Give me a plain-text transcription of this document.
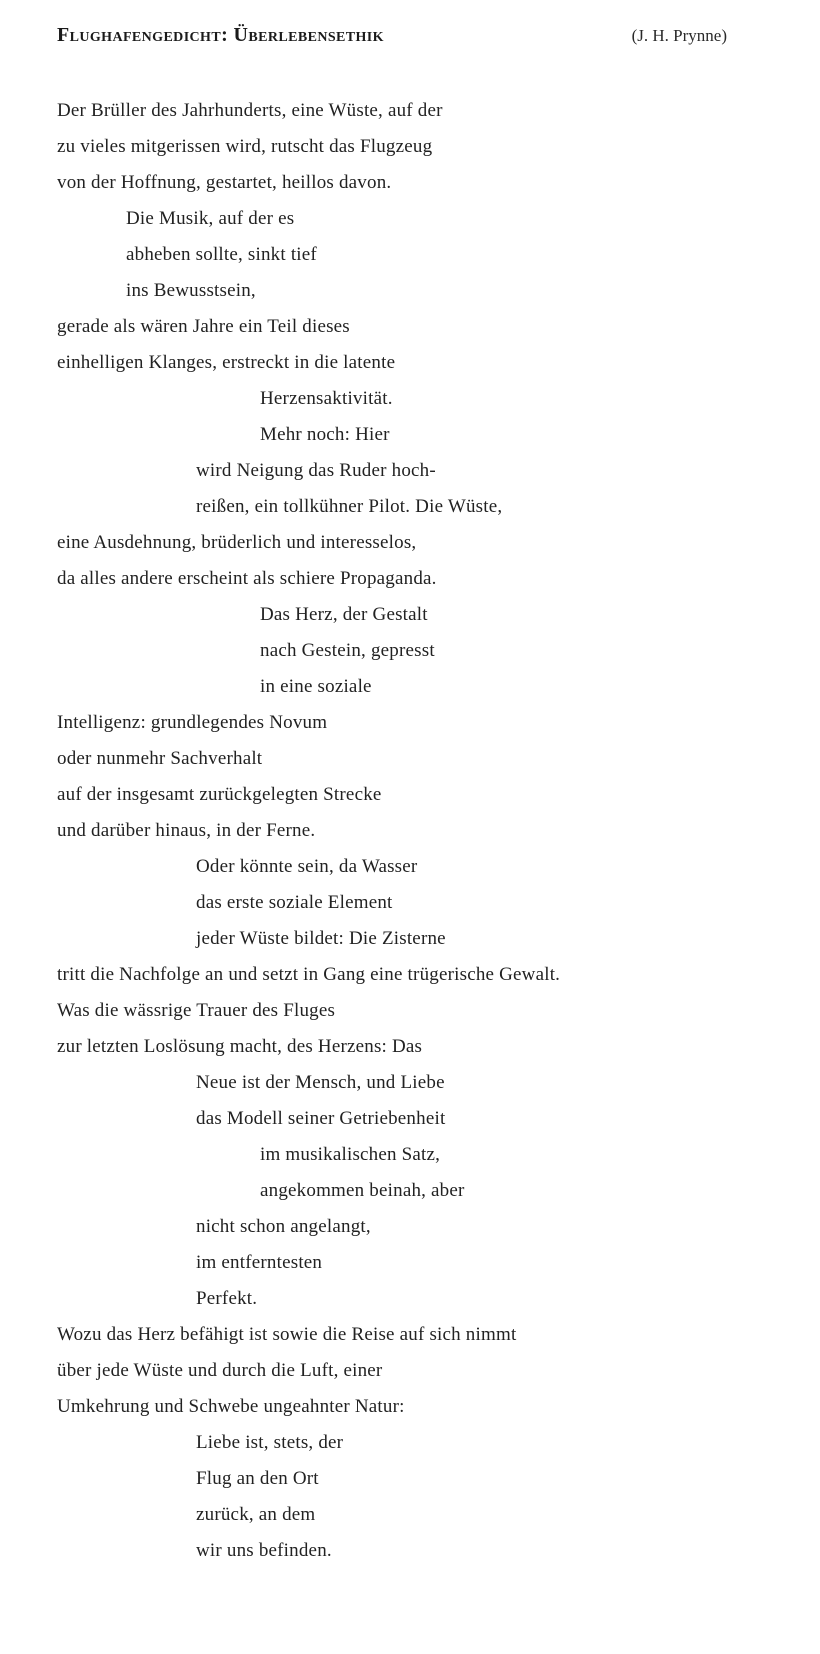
Flughafengedicht: Überlebensethik	(J. H. Prynne)
Der Brüller des Jahrhunderts, eine Wüste, auf der
zu vieles mitgerissen wird, rutscht das Flugzeug
von der Hoffnung, gestartet, heillos davon.
Die Musik, auf der es
abheben sollte, sinkt tief
ins Bewusstsein,
gerade als wären Jahre ein Teil dieses
einhelligen Klanges, erstreckt in die latente
Herzensaktivität.
Mehr noch: Hier
wird Neigung das Ruder hoch-
reißen, ein tollkühner Pilot. Die Wüste,
eine Ausdehnung, brüderlich und interesselos,
da alles andere erscheint als schiere Propaganda.
Das Herz, der Gestalt
nach Gestein, gepresst
in eine soziale
Intelligenz: grundlegendes Novum
oder nunmehr Sachverhalt
auf der insgesamt zurückgelegten Strecke
und darüber hinaus, in der Ferne.
Oder könnte sein, da Wasser
das erste soziale Element
jeder Wüste bildet: Die Zisterne
tritt die Nachfolge an und setzt in Gang eine trügerische Gewalt.
Was die wässrige Trauer des Fluges
zur letzten Loslösung macht, des Herzens: Das
Neue ist der Mensch, und Liebe
das Modell seiner Getriebenheit
im musikalischen Satz,
angekommen beinah, aber
nicht schon angelangt,
im entferntesten
Perfekt.
Wozu das Herz befähigt ist sowie die Reise auf sich nimmt
über jede Wüste und durch die Luft, einer
Umkehrung und Schwebe ungeahnter Natur:
Liebe ist, stets, der
Flug an den Ort
zurück, an dem
wir uns befinden.
